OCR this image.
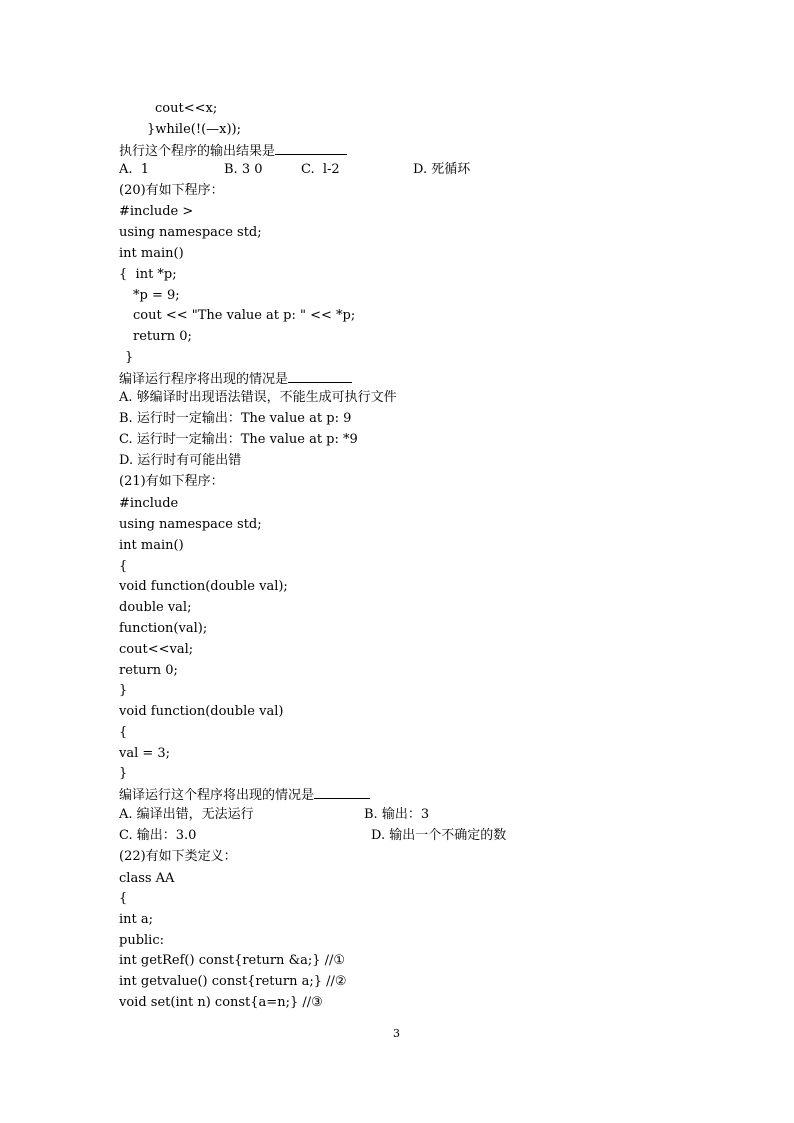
cout<<x;
}while(!(—x));
执行这个程序的输出结果是
A.  1	B. 3 0	C.  l-2	D. 死循环
(20)有如下程序：
#include >
using namespace std;
int main()
{  int *p;
*p = 9;
cout << "The value at p: " << *p;
return 0;
}
编译运行程序将出现的情况是
A. 够编译时出现语法错误，不能生成可执行文件
B. 运行时一定输出：The value at p: 9
C. 运行时一定输出：The value at p: *9
D. 运行时有可能出错
(21)有如下程序：
#include
using namespace std;
int main()
{
void function(double val);
double val;
function(val);
cout<<val;
return 0;
}
void function(double val)
{
val = 3;
}
编译运行这个程序将出现的情况是
A. 编译出错，无法运行	B. 输出：3
C. 输出：3.0	D. 输出一个不确定的数
(22)有如下类定义：
class AA
{
int a;
public:
int getRef() const{return &a;} //①
int getvalue() const{return a;} //②
void set(int n) const{a=n;} //③
3
